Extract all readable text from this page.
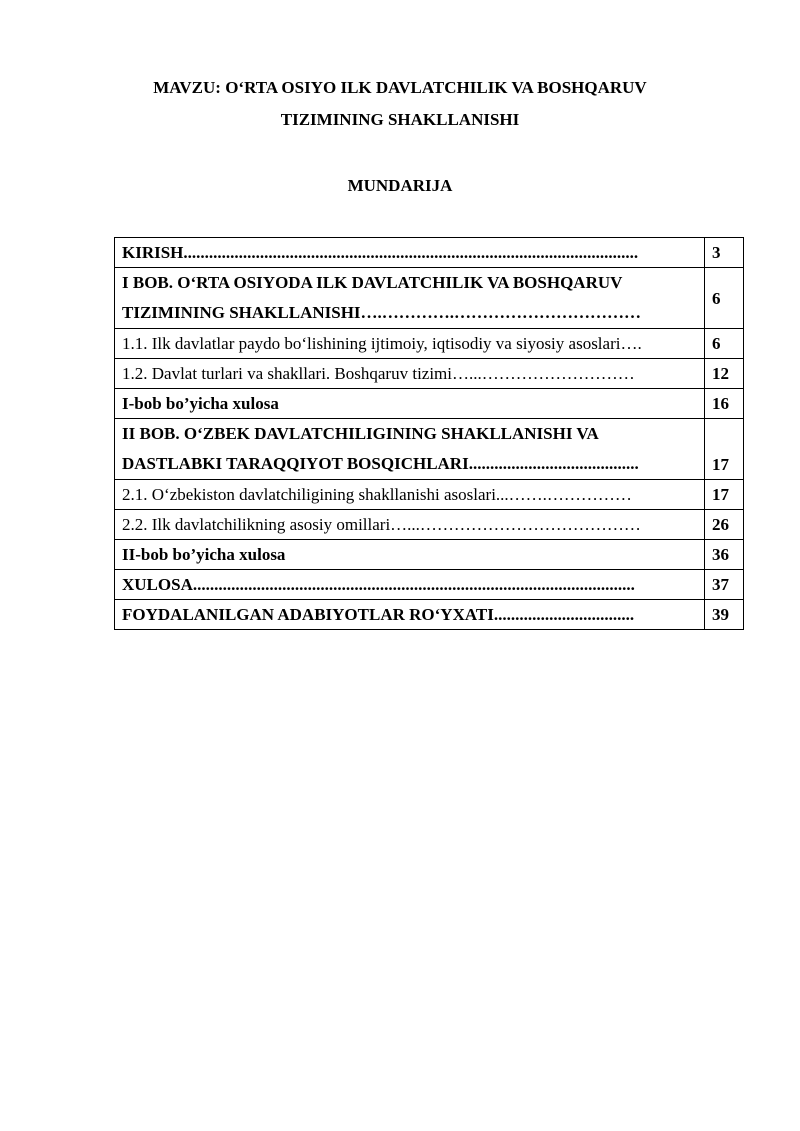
MAVZU: O‘RTA OSIYO ILK DAVLATCHILIK VA BOSHQARUV
TIZIMINING SHAKLLANISHI
MUNDARIJA
KIRISH...........................................................................................................	3

I BOB. O‘RTA OSIYODA ILK DAVLATCHILIK VA BOSHQARUV
TIZIMINING SHAKLLANISHI….………….……………………………	6

1.1. Ilk davlatlar paydo bo‘lishining ijtimoiy, iqtisodiy va siyosiy asoslari….	6

1.2. Davlat turlari va shakllari. Boshqaruv tizimi…...………………………	12

I-bob bo’yicha xulosa	16

II BOB. O‘ZBEK DAVLATCHILIGINING SHAKLLANISHI VA
DASTLABKI TARAQQIYOT BOSQICHLARI........................................	17

2.1. O‘zbekiston davlatchiligining shakllanishi asoslari...…….……………	17

2.2. Ilk davlatchilikning asosiy omillari…...…………………………………	26

II-bob bo’yicha xulosa	36

XULOSA........................................................................................................	37

FOYDALANILGAN ADABIYOTLAR RO‘YXATI.................................	39
